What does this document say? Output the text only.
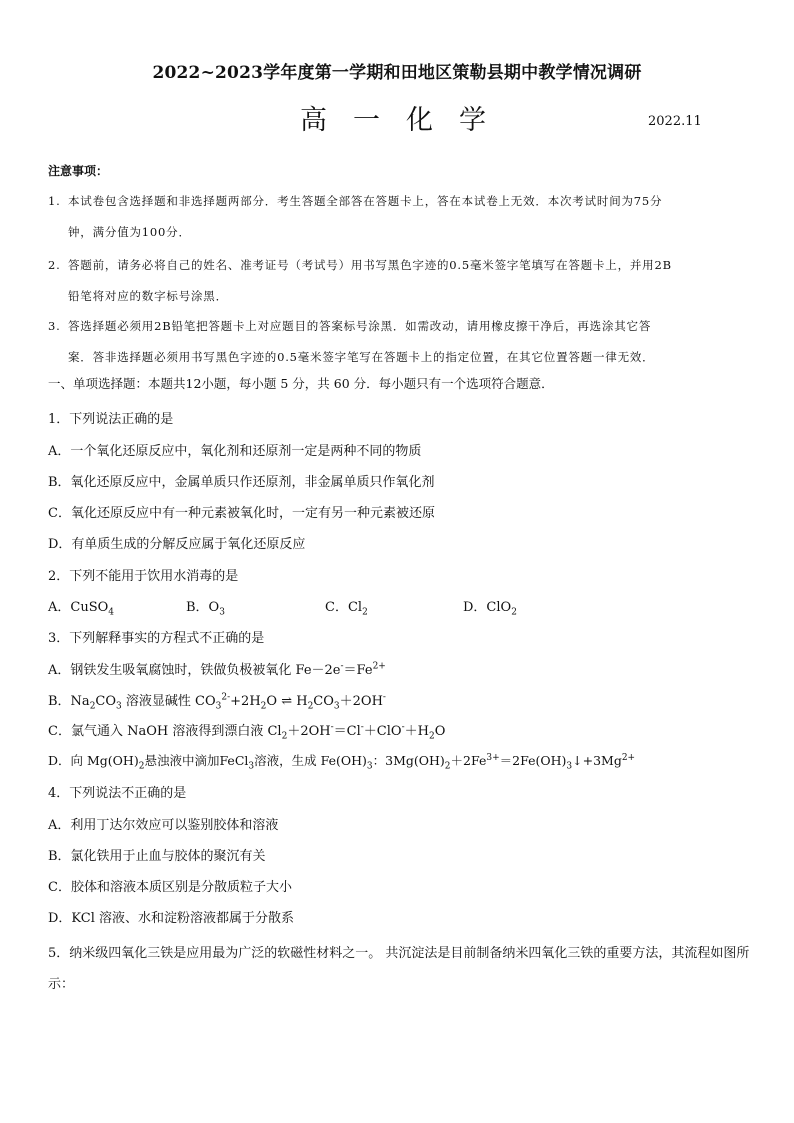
2022~2023学年度第一学期和田地区策勒县期中教学情况调研
高一化学	2022.11
注意事项：
1. 本试卷包含选择题和非选择题两部分．考生答题全部答在答题卡上，答在本试卷上无效．本次考试时间为75分
钟，满分值为100分．
2. 答题前，请务必将自己的姓名、准考证号（考试号）用书写黑色字迹的0.5毫米签字笔填写在答题卡上，并用2B
铅笔将对应的数字标号涂黑．
3. 答选择题必须用2B铅笔把答题卡上对应题目的答案标号涂黑．如需改动，请用橡皮擦干净后，再选涂其它答
案．答非选择题必须用书写黑色字迹的0.5毫米签字笔写在答题卡上的指定位置，在其它位置答题一律无效．
一、单项选择题：本题共12小题，每小题 5 分，共 60 分．每小题只有一个选项符合题意．
1．下列说法正确的是
A．一个氧化还原反应中，氧化剂和还原剂一定是两种不同的物质
B．氧化还原反应中，金属单质只作还原剂，非金属单质只作氧化剂
C．氧化还原反应中有一种元素被氧化时，一定有另一种元素被还原
D．有单质生成的分解反应属于氧化还原反应
2．下列不能用于饮用水消毒的是
A．CuSO$_4$	B．$O_3$	C．$Cl_2$	D．ClO$_2$
3．下列解释事实的方程式不正确的是
A．钢铁发生吸氧腐蚀时，铁做负极被氧化 $Fe-2e^-=Fe^{2+}$
B．$Na_2CO_3$ 溶液显碱性 $CO_3^{2-}+2H_2O$ ⇌ $H_2CO_3+2OH^-$
C．氯气通入 NaOH 溶液得到漂白液 $Cl_2+2OH^-=Cl^-+ClO^-+H_2O$
D．向 $Mg(OH)_2$悬浊液中滴加FeCl$_3$溶液，生成 $Fe(OH)_3$：$3Mg(OH)_2+2Fe^{3+}=2Fe(OH)_3↓+3Mg^{2+}$
4．下列说法不正确的是
A．利用丁达尔效应可以鉴别胶体和溶液
B．氯化铁用于止血与胶体的聚沉有关
C．胶体和溶液本质区别是分散质粒子大小
D．KCl 溶液、水和淀粉溶液都属于分散系
5．纳米级四氧化三铁是应用最为广泛的软磁性材料之一。 共沉淀法是目前制备纳米四氧化三铁的重要方法，其流程如图所示：
